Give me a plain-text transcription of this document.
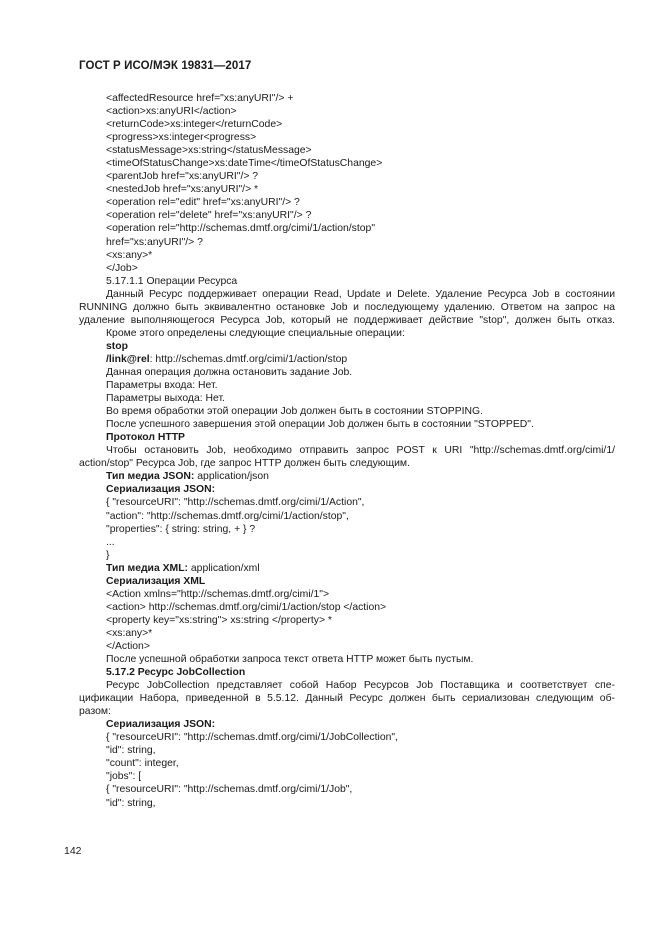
ГОСТ Р ИСО/МЭК 19831—2017
<affectedResource href="xs:anyURI"/> +
<action>xs:anyURI</action>
<returnCode>xs:integer</returnCode>
<progress>xs:integer<progress>
<statusMessage>xs:string</statusMessage>
<timeOfStatusChange>xs:dateTime</timeOfStatusChange>
<parentJob href="xs:anyURI"/> ?
<nestedJob href="xs:anyURI"/> *
<operation rel="edit" href="xs:anyURI"/> ?
<operation rel="delete" href="xs:anyURI"/> ?
<operation rel="http://schemas.dmtf.org/cimi/1/action/stop"
href="xs:anyURI"/> ?
<xs:any>*
</Job>
5.17.1.1 Операции Ресурса
Данный Ресурс поддерживает операции Read, Update и Delete. Удаление Ресурса Job в состоянии
RUNNING должно быть эквивалентно остановке Job и последующему удалению. Ответом на запрос на
удаление выполняющегося Ресурса Job, который не поддерживает действие "stop", должен быть отказ.
Кроме этого определены следующие специальные операции:
stop
/link@rel: http://schemas.dmtf.org/cimi/1/action/stop
Данная операция должна остановить задание Job.
Параметры входа: Нет.
Параметры выхода: Нет.
Во время обработки этой операции Job должен быть в состоянии STOPPING.
После успешного завершения этой операции Job должен быть в состоянии "STOPPED".
Протокол HTTP
Чтобы остановить Job, необходимо отправить запрос POST к URI "http://schemas.dmtf.org/cimi/1/
action/stop" Ресурса Job, где запрос HTTP должен быть следующим.
Тип медиа JSON: application/json
Сериализация JSON:
{ "resourceURI": "http://schemas.dmtf.org/cimi/1/Action",
"action": "http://schemas.dmtf.org/cimi/1/action/stop",
"properties": { string: string, + } ?
...
}
Тип медиа XML: application/xml
Сериализация XML
<Action xmlns="http://schemas.dmtf.org/cimi/1">
<action> http://schemas.dmtf.org/cimi/1/action/stop </action>
<property key="xs:string"> xs:string </property> *
<xs:any>*
</Action>
После успешной обработки запроса текст ответа HTTP может быть пустым.
5.17.2 Ресурс JobCollection
Ресурс JobCollection представляет собой Набор Ресурсов Job Поставщика и соответствует спе-
цификации Набора, приведенной в 5.5.12. Данный Ресурс должен быть сериализован следующим об-
разом:
Сериализация JSON:
{ "resourceURI": "http://schemas.dmtf.org/cimi/1/JobCollection",
"id": string,
"count": integer,
"jobs": [
{ "resourceURI": "http://schemas.dmtf.org/cimi/1/Job",
"id": string,
142
